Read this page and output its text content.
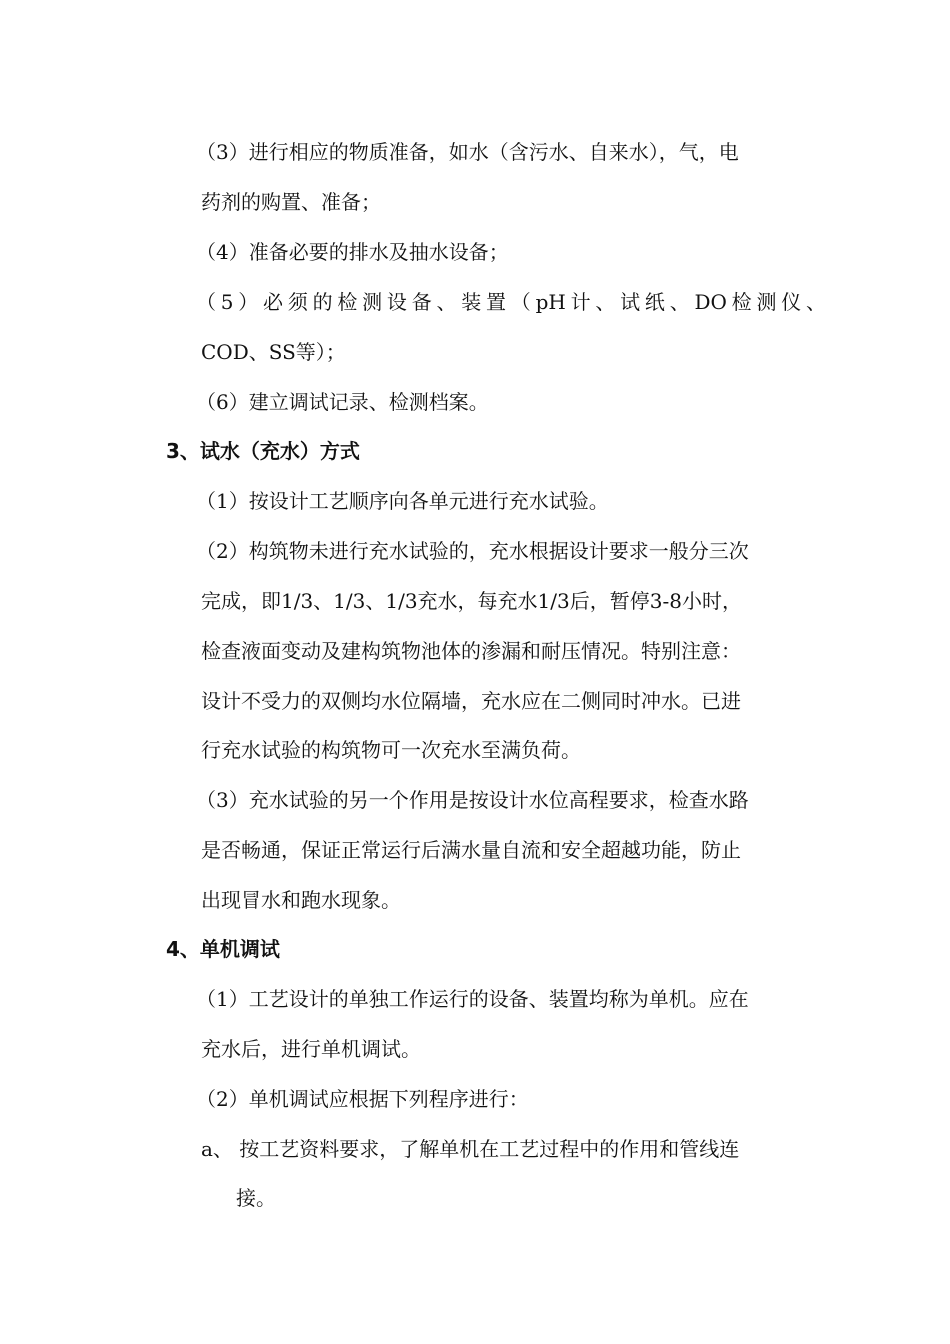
（3）进行相应的物质准备，如水（含污水、自来水），气，电
药剂的购置、准备；
（4）准备必要的排水及抽水设备；
（5）必须的检测设备、装置（pH计、试纸、DO检测仪、
COD、SS等）；
（6）建立调试记录、检测档案。
3、试水（充水）方式
（1）按设计工艺顺序向各单元进行充水试验。
（2）构筑物未进行充水试验的，充水根据设计要求一般分三次
完成，即1/3、1/3、1/3充水，每充水1/3后，暂停3-8小时，
检查液面变动及建构筑物池体的渗漏和耐压情况。特别注意：
设计不受力的双侧均水位隔墙，充水应在二侧同时冲水。已进
行充水试验的构筑物可一次充水至满负荷。
（3）充水试验的另一个作用是按设计水位高程要求，检查水路
是否畅通，保证正常运行后满水量自流和安全超越功能，防止
出现冒水和跑水现象。
4、单机调试
（1）工艺设计的单独工作运行的设备、装置均称为单机。应在
充水后，进行单机调试。
（2）单机调试应根据下列程序进行：
a、 按工艺资料要求，了解单机在工艺过程中的作用和管线连
接。
